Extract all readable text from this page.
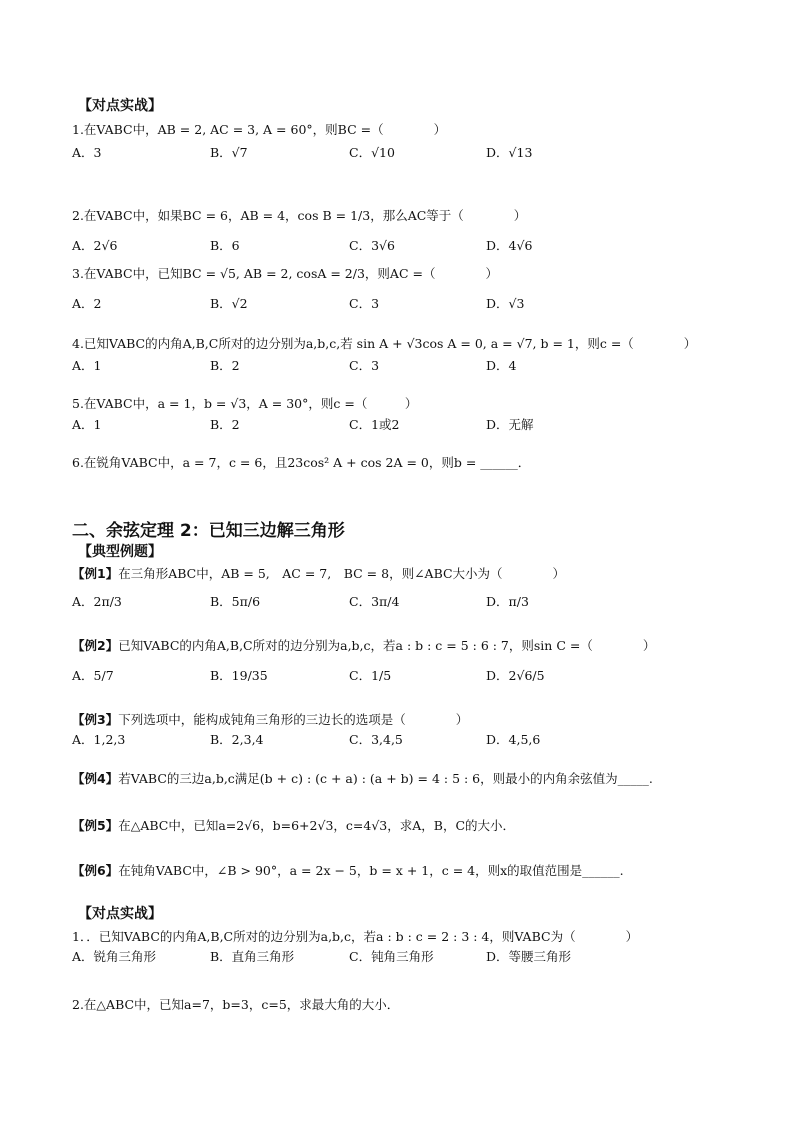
【对点实战】
1.在VABC中，AB = 2, AC = 3, A = 60°，则BC =（　　　　）
A．3	B．√7	C．√10	D．√13
2.在VABC中，如果BC = 6，AB = 4，cos B = 1/3，那么AC等于（　　　　）
A．2√6	B．6	C．3√6	D．4√6
3.在VABC中，已知BC = √5, AB = 2, cosA = 2/3，则AC =（　　　　）
A．2	B．√2	C．3	D．√3
4.已知VABC的内角A,B,C所对的边分别为a,b,c,若 sin A + √3cos A = 0, a = √7, b = 1，则c =（　　　　）
A．1	B．2	C．3	D．4
5.在VABC中，a = 1，b = √3，A = 30°，则c =（　　　）
A．1	B．2	C．1或2	D．无解
6.在锐角VABC中，a = 7，c = 6，且23cos² A + cos 2A = 0，则b = ______．
二、余弦定理 2：已知三边解三角形
【典型例题】
【例1】在三角形ABC中，AB = 5,　AC = 7,　BC = 8，则∠ABC大小为（　　　　）
A．2π/3	B．5π/6	C．3π/4	D．π/3
【例2】已知VABC的内角A,B,C所对的边分别为a,b,c，若a : b : c = 5 : 6 : 7，则sin C =（　　　　）
A．5/7	B．19/35	C．1/5	D．2√6/5
【例3】下列选项中，能构成钝角三角形的三边长的选项是（　　　　）
A．1,2,3	B．2,3,4	C．3,4,5	D．4,5,6
【例4】若VABC的三边a,b,c满足(b + c) : (c + a) : (a + b) = 4 : 5 : 6，则最小的内角余弦值为_____.
【例5】在△ABC中，已知a=2√6，b=6+2√3，c=4√3，求A，B，C的大小．
【例6】在钝角VABC中，∠B > 90°，a = 2x − 5，b = x + 1，c = 4，则x的取值范围是______.
【对点实战】
1．．已知VABC的内角A,B,C所对的边分别为a,b,c，若a : b : c = 2 : 3 : 4，则VABC为（　　　　）
A．锐角三角形	B．直角三角形	C．钝角三角形	D．等腰三角形
2.在△ABC中，已知a=7，b=3，c=5，求最大角的大小．
